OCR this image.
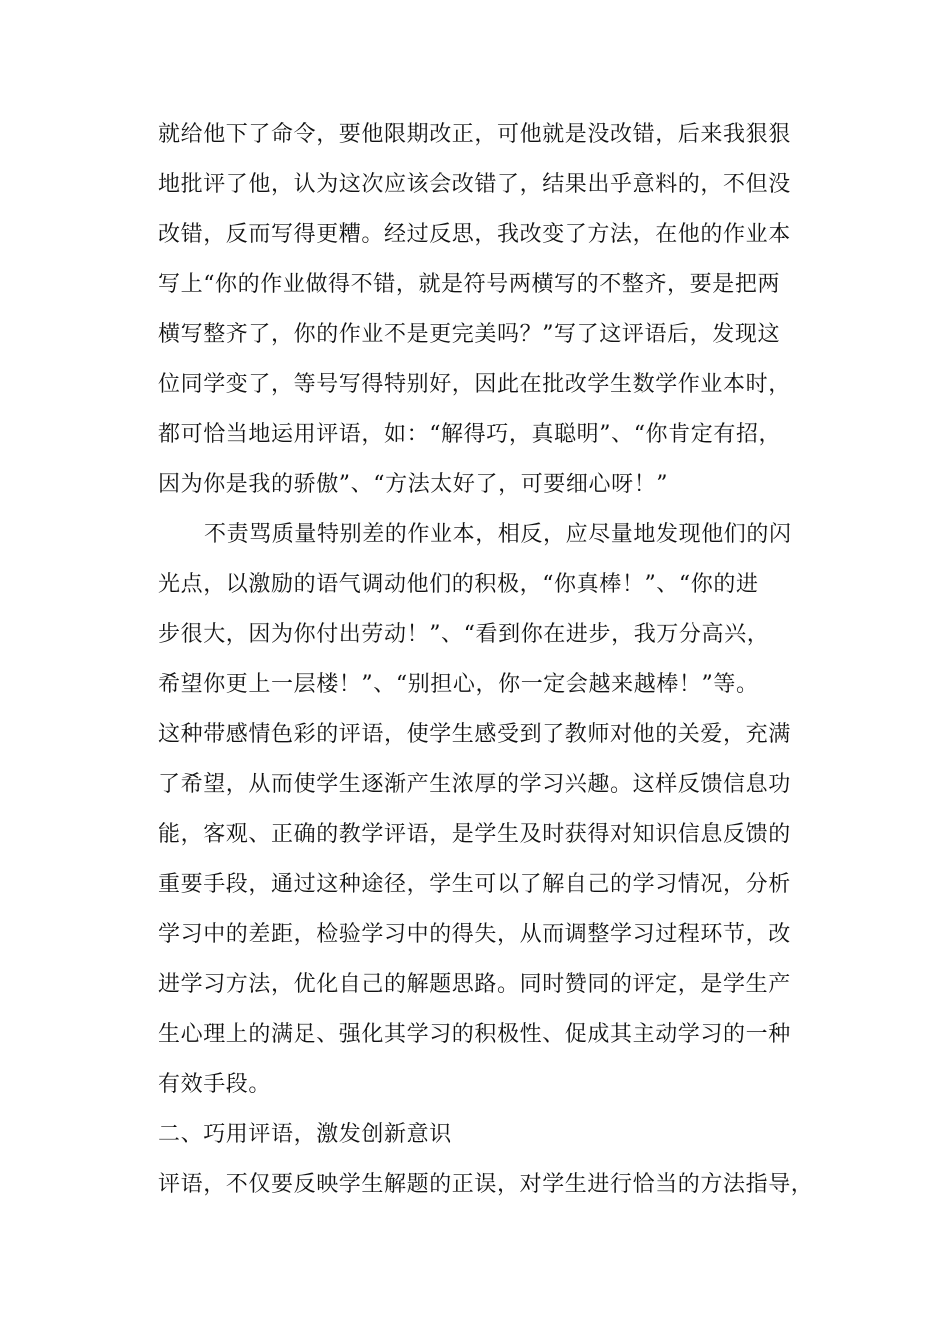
就给他下了命令，要他限期改正，可他就是没改错，后来我狠狠
地批评了他，认为这次应该会改错了，结果出乎意料的，不但没
改错，反而写得更糟。经过反思，我改变了方法，在他的作业本
写上“你的作业做得不错，就是符号两横写的不整齐，要是把两
横写整齐了，你的作业不是更完美吗？”写了这评语后，发现这
位同学变了，等号写得特别好，因此在批改学生数学作业本时，
都可恰当地运用评语，如：“解得巧，真聪明”、“你肯定有招，
因为你是我的骄傲”、“方法太好了，可要细心呀！”
不责骂质量特别差的作业本，相反，应尽量地发现他们的闪
光点，以激励的语气调动他们的积极，“你真棒！”、“你的进
步很大，因为你付出劳动！”、“看到你在进步，我万分高兴，
希望你更上一层楼！”、“别担心，你一定会越来越棒！”等。
这种带感情色彩的评语，使学生感受到了教师对他的关爱，充满
了希望，从而使学生逐渐产生浓厚的学习兴趣。这样反馈信息功
能，客观、正确的教学评语，是学生及时获得对知识信息反馈的
重要手段，通过这种途径，学生可以了解自己的学习情况，分析
学习中的差距，检验学习中的得失，从而调整学习过程环节，改
进学习方法，优化自己的解题思路。同时赞同的评定，是学生产
生心理上的满足、强化其学习的积极性、促成其主动学习的一种
有效手段。
二、巧用评语，激发创新意识
评语，不仅要反映学生解题的正误，对学生进行恰当的方法指导，
